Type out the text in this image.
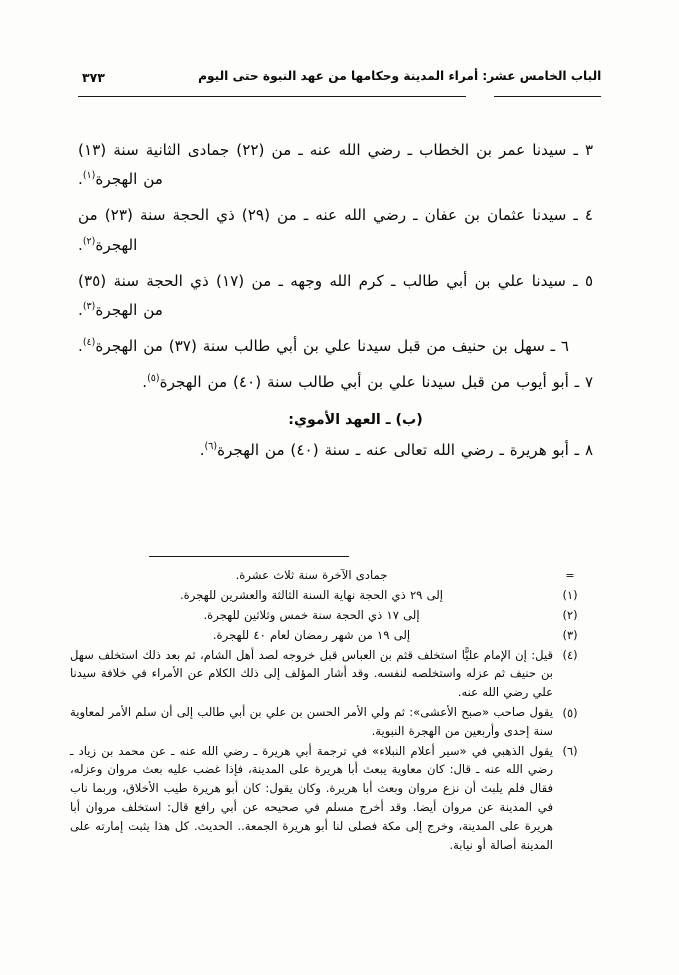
الباب الخامس عشر: أمراء المدينة وحكامها من عهد النبوة حتى اليوم
٣٧٣
٣ ـ سيدنا عمر بن الخطاب ـ رضي الله عنه ـ من (٢٢) جمادى الثانية سنة (١٣) من الهجرة$^{(١)}$.
٤ ـ سيدنا عثمان بن عفان ـ رضي الله عنه ـ من (٢٩) ذي الحجة سنة (٢٣) من الهجرة$^{(٢)}$.
٥ ـ سيدنا علي بن أبي طالب ـ كرم الله وجهه ـ من (١٧) ذي الحجة سنة (٣٥) من الهجرة$^{(٣)}$.
٦ ـ سهل بن حنيف من قبل سيدنا علي بن أبي طالب سنة (٣٧) من الهجرة$^{(٤)}$.
٧ ـ أبو أيوب من قبل سيدنا علي بن أبي طالب سنة (٤٠) من الهجرة$^{(٥)}$.
(ب) ـ العهد الأموي:
٨ ـ أبو هريرة ـ رضي الله تعالى عنه ـ سنة (٤٠) من الهجرة$^{(٦)}$.
=
جمادى الآخرة سنة ثلاث عشرة.
(١)
إلى ٢٩ ذي الحجة نهاية السنة الثالثة والعشرين للهجرة.
(٢)
إلى ١٧ ذي الحجة سنة خمس وثلاثين للهجرة.
(٣)
إلى ١٩ من شهر رمضان لعام ٤٠ للهجرة.
(٤)
قيل: إن الإمام عليًّا استخلف قثم بن العباس قبل خروجه لصد أهل الشام، ثم بعد ذلك استخلف سهل بن حنيف ثم عزله واستخلصه لنفسه. وقد أشار المؤلف إلى ذلك الكلام عن الأمراء في خلافة سيدنا علي رضي الله عنه.
(٥)
يقول صاحب «صبح الأعشى»: ثم ولي الأمر الحسن بن علي بن أبي طالب إلى أن سلم الأمر لمعاوية سنة إحدى وأربعين من الهجرة النبوية.
(٦)
يقول الذهبي في «سير أعلام النبلاء» في ترجمة أبي هريرة ـ رضي الله عنه ـ عن محمد بن زياد ـ رضي الله عنه ـ قال: كان معاوية يبعث أبا هريرة على المدينة، فإذا غضب عليه بعث مروان وعزله، فقال فلم يلبث أن نزع مروان وبعث أبا هريرة. وكان يقول: كان أبو هريرة طيب الأخلاق، وربما ناب في المدينة عن مروان أيضا. وقد أخرج مسلم في صحيحه عن أبي رافع قال: استخلف مروان أبا هريرة على المدينة، وخرج إلى مكة فصلى لنا أبو هريرة الجمعة.. الحديث. كل هذا يثبت إمارته على المدينة أصالة أو نيابة.
